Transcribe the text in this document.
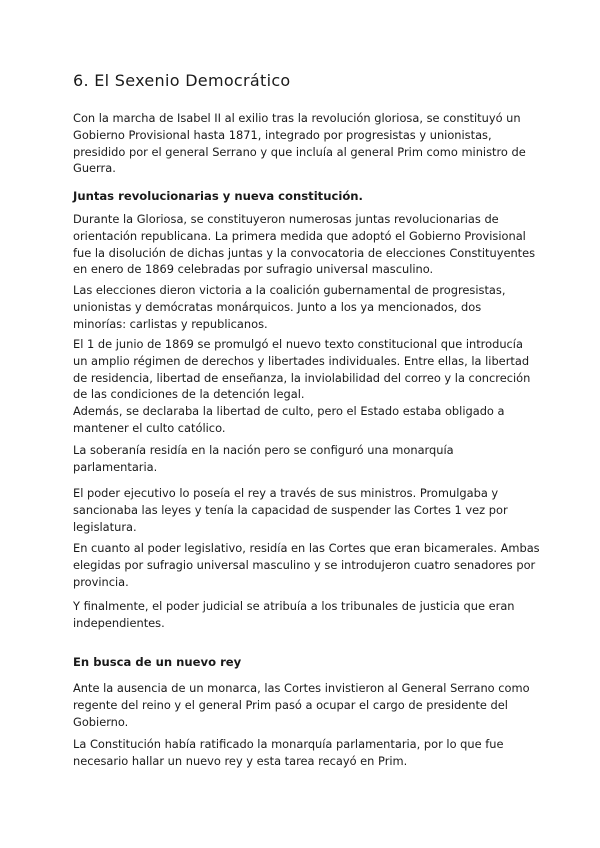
6. El Sexenio Democrático
Con la marcha de Isabel II al exilio tras la revolución gloriosa, se constituyó un
Gobierno Provisional hasta 1871, integrado por progresistas y unionistas,
presidido por el general Serrano y que incluía al general Prim como ministro de
Guerra.
Juntas revolucionarias y nueva constitución.
Durante la Gloriosa, se constituyeron numerosas juntas revolucionarias de
orientación republicana. La primera medida que adoptó el Gobierno Provisional
fue la disolución de dichas juntas y la convocatoria de elecciones Constituyentes
en enero de 1869 celebradas por sufragio universal masculino.
Las elecciones dieron victoria a la coalición gubernamental de progresistas,
unionistas y demócratas monárquicos. Junto a los ya mencionados, dos
minorías: carlistas y republicanos.
El 1 de junio de 1869 se promulgó el nuevo texto constitucional que introducía
un amplio régimen de derechos y libertades individuales. Entre ellas, la libertad
de residencia, libertad de enseñanza, la inviolabilidad del correo y la concreción
de las condiciones de la detención legal.
Además, se declaraba la libertad de culto, pero el Estado estaba obligado a
mantener el culto católico.
La soberanía residía en la nación pero se configuró una monarquía
parlamentaria.
El poder ejecutivo lo poseía el rey a través de sus ministros. Promulgaba y
sancionaba las leyes y tenía la capacidad de suspender las Cortes 1 vez por
legislatura.
En cuanto al poder legislativo, residía en las Cortes que eran bicamerales. Ambas
elegidas por sufragio universal masculino y se introdujeron cuatro senadores por
provincia.
Y finalmente, el poder judicial se atribuía a los tribunales de justicia que eran
independientes.
En busca de un nuevo rey
Ante la ausencia de un monarca, las Cortes invistieron al General Serrano como
regente del reino y el general Prim pasó a ocupar el cargo de presidente del
Gobierno.
La Constitución había ratificado la monarquía parlamentaria, por lo que fue
necesario hallar un nuevo rey y esta tarea recayó en Prim.
